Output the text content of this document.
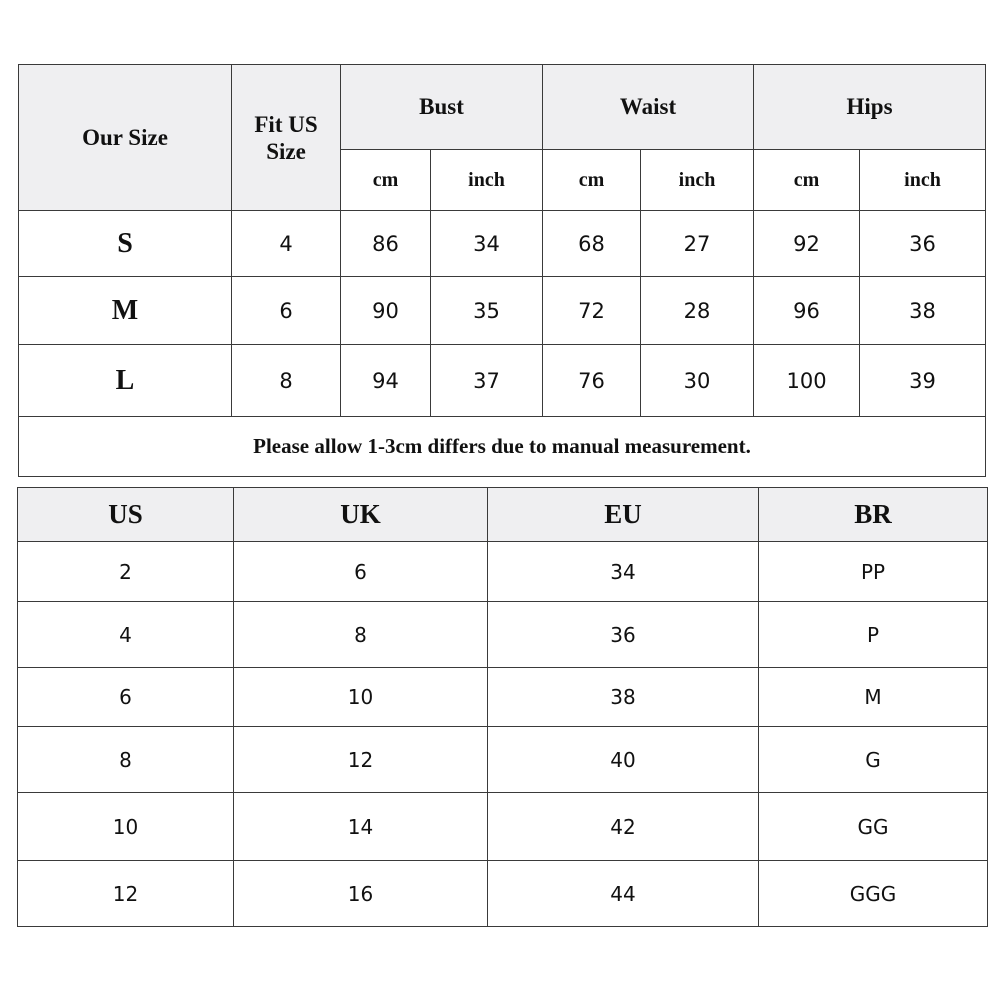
Our Size	Fit US Size	Bust		Waist		Hips	
		cm	inch	cm	inch	cm	inch
S	4	86	34	68	27	92	36
M	6	90	35	72	28	96	38
L	8	94	37	76	30	100	39
Please allow 1-3cm differs due to manual measurement.							
US	UK	EU	BR
2	6	34	PP
4	8	36	P
6	10	38	M
8	12	40	G
10	14	42	GG
12	16	44	GGG
